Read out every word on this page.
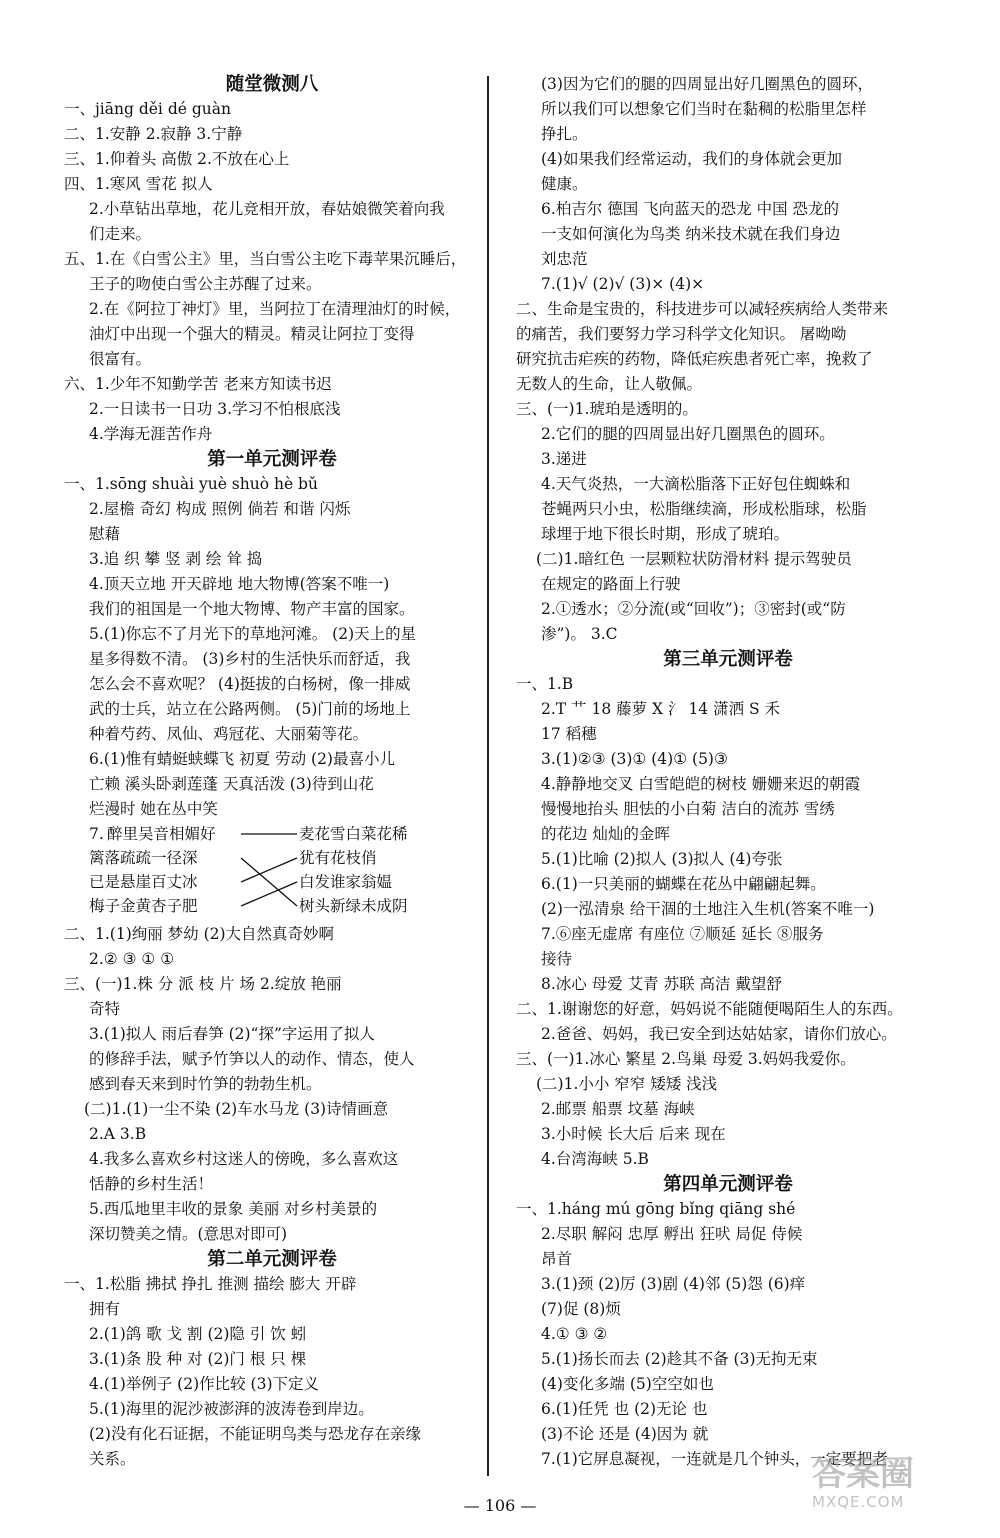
随堂微测八
一、jiāng děi dé guàn
二、1.安静 2.寂静 3.宁静
三、1.仰着头 高傲 2.不放在心上
四、1.寒风 雪花 拟人
2.小草钻出草地，花儿竞相开放，春姑娘微笑着向我
们走来。
五、1.在《白雪公主》里，当白雪公主吃下毒苹果沉睡后，
王子的吻使白雪公主苏醒了过来。
2.在《阿拉丁神灯》里，当阿拉丁在清理油灯的时候，
油灯中出现一个强大的精灵。精灵让阿拉丁变得
很富有。
六、1.少年不知勤学苦 老来方知读书迟
2.一日读书一日功 3.学习不怕根底浅
4.学海无涯苦作舟
第一单元测评卷
一、1.sōng shuài yuè shuò hè bǔ
2.屋檐 奇幻 构成 照例 倘若 和谐 闪烁
慰藉
3.追 织 攀 竖 剥 绘 耸 捣
4.顶天立地 开天辟地 地大物博(答案不唯一)
我们的祖国是一个地大物博、物产丰富的国家。
5.(1)你忘不了月光下的草地河滩。 (2)天上的星
星多得数不清。 (3)乡村的生活快乐而舒适，我
怎么会不喜欢呢？ (4)挺拔的白杨树，像一排威
武的士兵，站立在公路两侧。 (5)门前的场地上
种着芍药、凤仙、鸡冠花、大丽菊等花。
6.(1)惟有蜻蜓蛱蝶飞 初夏 劳动 (2)最喜小儿
亡赖 溪头卧剥莲蓬 天真活泼 (3)待到山花
烂漫时 她在丛中笑
7. 醉里吴音相媚好
篱落疏疏一径深
已是悬崖百丈冰
梅子金黄杏子肥
麦花雪白菜花稀
犹有花枝俏
白发谁家翁媪
树头新绿未成阴
二、1.(1)绚丽 梦幼 (2)大自然真奇妙啊
2.② ③ ① ①
三、(一)1.株 分 派 枝 片 场 2.绽放 艳丽
奇特
3.(1)拟人 雨后春笋 (2)“探”字运用了拟人
的修辞手法，赋予竹笋以人的动作、情态，使人
感到春天来到时竹笋的勃勃生机。
(二)1.(1)一尘不染 (2)车水马龙 (3)诗情画意
2.A 3.B
4.我多么喜欢乡村这迷人的傍晚，多么喜欢这
恬静的乡村生活！
5.西瓜地里丰收的景象 美丽 对乡村美景的
深切赞美之情。(意思对即可)
第二单元测评卷
一、1.松脂 拂拭 挣扎 推测 描绘 膨大 开辟
拥有
2.(1)鸽 歌 戈 割 (2)隐 引 饮 蚓
3.(1)条 股 种 对 (2)门 根 只 棵
4.(1)举例子 (2)作比较 (3)下定义
5.(1)海里的泥沙被澎湃的波涛卷到岸边。
(2)没有化石证据，不能证明鸟类与恐龙存在亲缘
关系。
(3)因为它们的腿的四周显出好几圈黑色的圆环，
所以我们可以想象它们当时在黏稠的松脂里怎样
挣扎。
(4)如果我们经常运动，我们的身体就会更加
健康。
6.柏吉尔 德国 飞向蓝天的恐龙 中国 恐龙的
一支如何演化为鸟类 纳米技术就在我们身边
刘忠范
7.(1)√ (2)√ (3)× (4)×
二、生命是宝贵的，科技进步可以减轻疾病给人类带来
的痛苦，我们要努力学习科学文化知识。 屠呦呦
研究抗击疟疾的药物，降低疟疾患者死亡率，挽救了
无数人的生命，让人敬佩。
三、(一)1.琥珀是透明的。
2.它们的腿的四周显出好几圈黑色的圆环。
3.递进
4.天气炎热，一大滴松脂落下正好包住蜘蛛和
苍蝇两只小虫，松脂继续滴，形成松脂球，松脂
球埋于地下很长时期，形成了琥珀。
(二)1.暗红色 一层颗粒状防滑材料 提示驾驶员
在规定的路面上行驶
2.①透水；②分流(或“回收”)；③密封(或“防
渗”)。 3.C
第三单元测评卷
一、1.B
2.T 艹 18 藤萝 X 氵 14 潇洒 S 禾
17 稻穗
3.(1)②③ (3)① (4)① (5)③
4.静静地交叉 白雪皑皑的树枝 姗姗来迟的朝霞
慢慢地抬头 胆怯的小白菊 洁白的流苏 雪绣
的花边 灿灿的金晖
5.(1)比喻 (2)拟人 (3)拟人 (4)夸张
6.(1)一只美丽的蝴蝶在花丛中翩翩起舞。
(2)一泓清泉 给干涸的土地注入生机(答案不唯一)
7.⑥座无虚席 有座位 ⑦顺延 延长 ⑧服务
接待
8.冰心 母爱 艾青 苏联 高洁 戴望舒
二、1.谢谢您的好意，妈妈说不能随便喝陌生人的东西。
2.爸爸、妈妈，我已安全到达姑姑家，请你们放心。
三、(一)1.冰心 繁星 2.鸟巢 母爱 3.妈妈我爱你。
(二)1.小小 窄窄 矮矮 浅浅
2.邮票 船票 坟墓 海峡
3.小时候 长大后 后来 现在
4.台湾海峡 5.B
第四单元测评卷
一、1.háng mú gōng bǐng qiāng shé
2.尽职 解闷 忠厚 孵出 狂吠 局促 侍候
昂首
3.(1)颈 (2)厉 (3)剧 (4)邻 (5)怨 (6)痒
(7)促 (8)烦
4.① ③ ②
5.(1)扬长而去 (2)趁其不备 (3)无拘无束
(4)变化多端 (5)空空如也
6.(1)任凭 也 (2)无论 也
(3)不论 还是 (4)因为 就
7.(1)它屏息凝视，一连就是几个钟头，一定要把老
— 106 —
答案圈
MXQE.COM
